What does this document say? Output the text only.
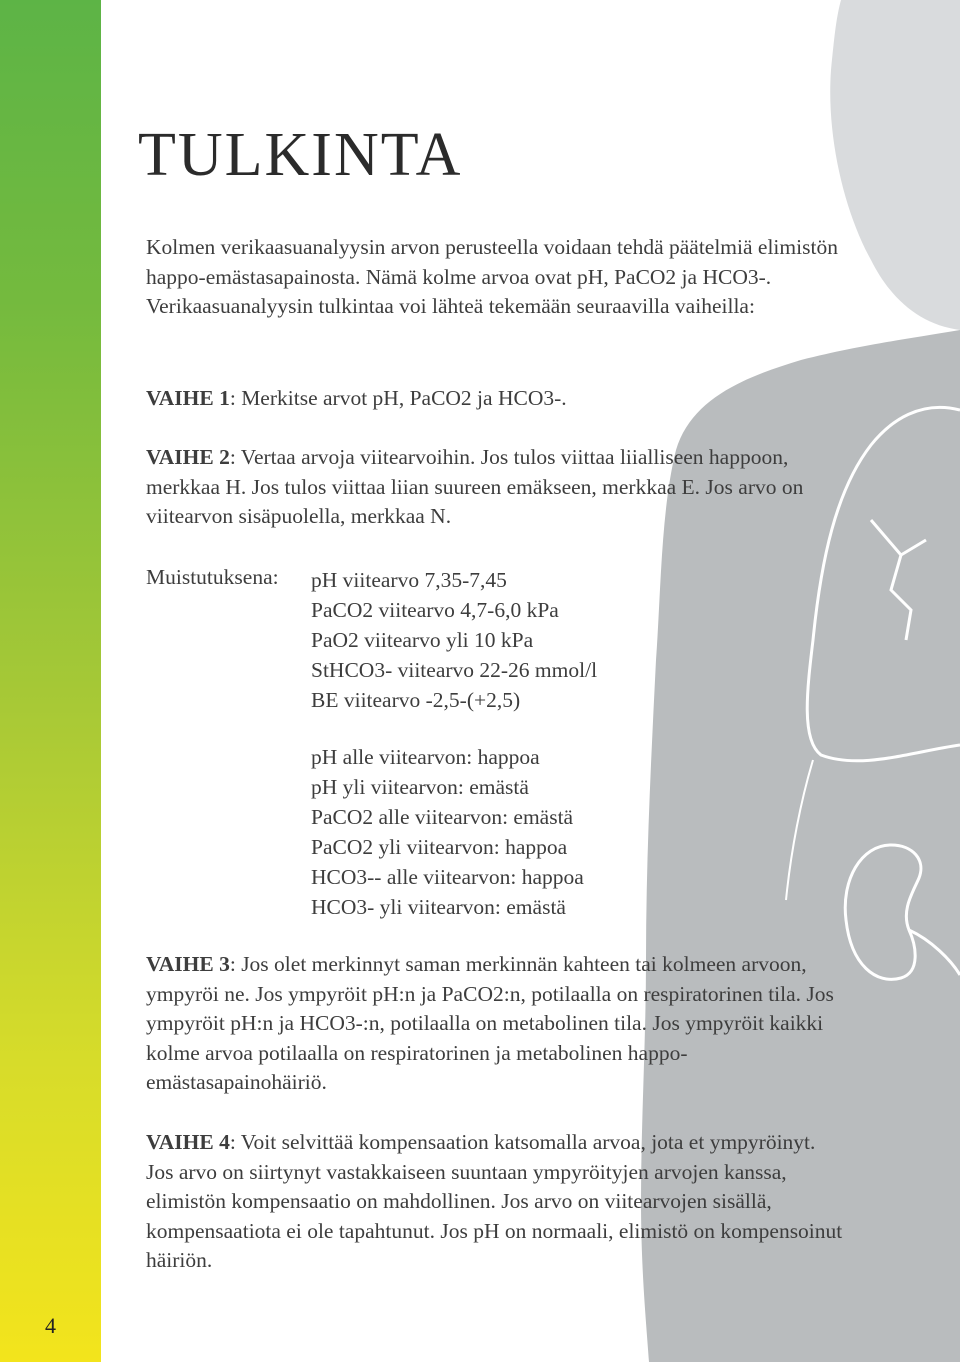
4
TULKINTA

Kolmen verikaasuanalyysin arvon perusteella voidaan tehdä päätelmiä elimistön happo-emästasapainosta. Nämä kolme arvoa ovat pH, PaCO2 ja HCO3-. Verikaasuanalyysin tulkintaa voi lähteä tekemään seuraavilla vaiheilla:

VAIHE 1: Merkitse arvot pH, PaCO2 ja HCO3-.

VAIHE 2: Vertaa arvoja viitearvoihin. Jos tulos viittaa liialliseen happoon, merkkaa H. Jos tulos viittaa liian suureen emäkseen, merkkaa E. Jos arvo on viitearvon sisäpuolella, merkkaa N.

Muistutuksena: pH viitearvo 7,35-7,45
PaCO2 viitearvo 4,7-6,0 kPa
PaO2 viitearvo yli 10 kPa
StHCO3- viitearvo 22-26 mmol/l
BE viitearvo -2,5-(+2,5)
pH alle viitearvon: happoa
pH yli viitearvon: emästä
PaCO2 alle viitearvon: emästä
PaCO2 yli viitearvon: happoa
HCO3-- alle viitearvon: happoa
HCO3- yli viitearvon: emästä

VAIHE 3: Jos olet merkinnyt saman merkinnän kahteen tai kolmeen arvoon, ympyröi ne. Jos ympyröit pH:n ja PaCO2:n, potilaalla on respiratorinen tila. Jos ympyröit pH:n ja HCO3-:n, potilaalla on metabolinen tila. Jos ympyröit kaikki kolme arvoa potilaalla on respiratorinen ja metabolinen happo-emästasapainohäiriö.

VAIHE 4: Voit selvittää kompensaation katsomalla arvoa, jota et ympyröinyt. Jos arvo on siirtynyt vastakkaiseen suuntaan ympyröityjen arvojen kanssa, elimistön kompensaatio on mahdollinen. Jos arvo on viitearvojen sisällä, kompensaatiota ei ole tapahtunut. Jos pH on normaali, elimistö on kompensoinut häiriön.
